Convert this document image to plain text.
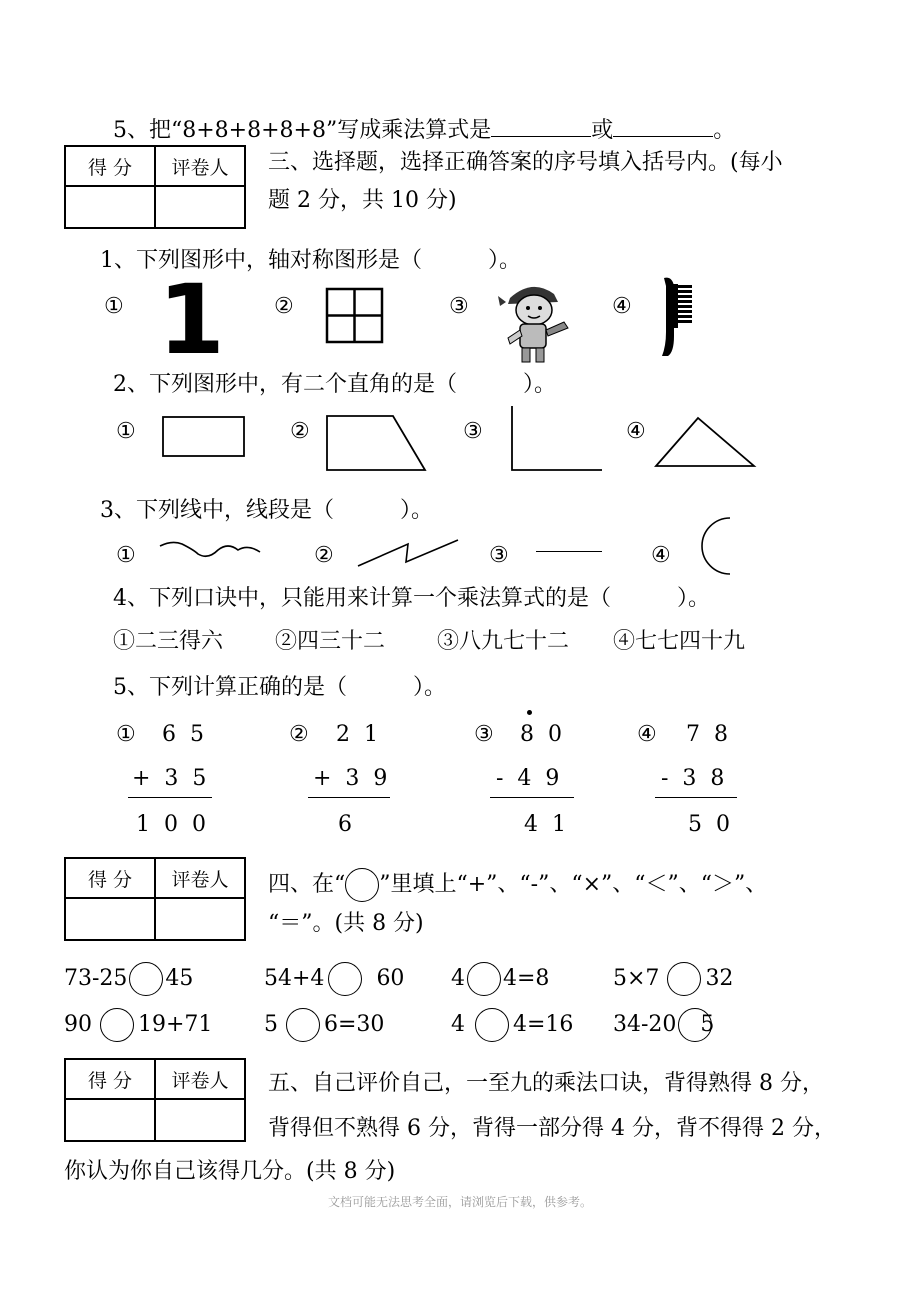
5、把“8+8+8+8+8”写成乘法算式是	或	。
得 分	评卷人
	三、选择题，选择正确答案的序号填入括号内。(每小
题 2 分，共 10 分)
1、下列图形中，轴对称图形是（　　　）。
① 1 ②	③	④
2、下列图形中，有二个直角的是（　　　）。
①	②	③	④
3、下列线中，线段是（　　　）。
①	②	③	④
4、下列口诀中，只能用来计算一个乘法算式的是（　　　）。
①二三得六 ②四三十二 ③八九七十二 ④七七四十九
5、下列计算正确的是（　　　）。
① 65
+35
100
② 21
+39
6
③ 80
-49
41
④ 78
-38
50
得 分	评卷人
	四、在“ ”里填上“+”、“-”、“×”、“＜”、“＞”、
“＝”。(共 8 分)
73-25 45	54+4 60 4 4=8	5×7 32
90 19+71 5 6=30	4 4=16 34-20 5
得 分	评卷人
	五、自己评价自己，一至九的乘法口诀，背得熟得 8 分，
背得但不熟得 6 分，背得一部分得 4 分，背不得得 2 分，
你认为你自己该得几分。(共 8 分)
文档可能无法思考全面，请浏览后下载，供参考。
